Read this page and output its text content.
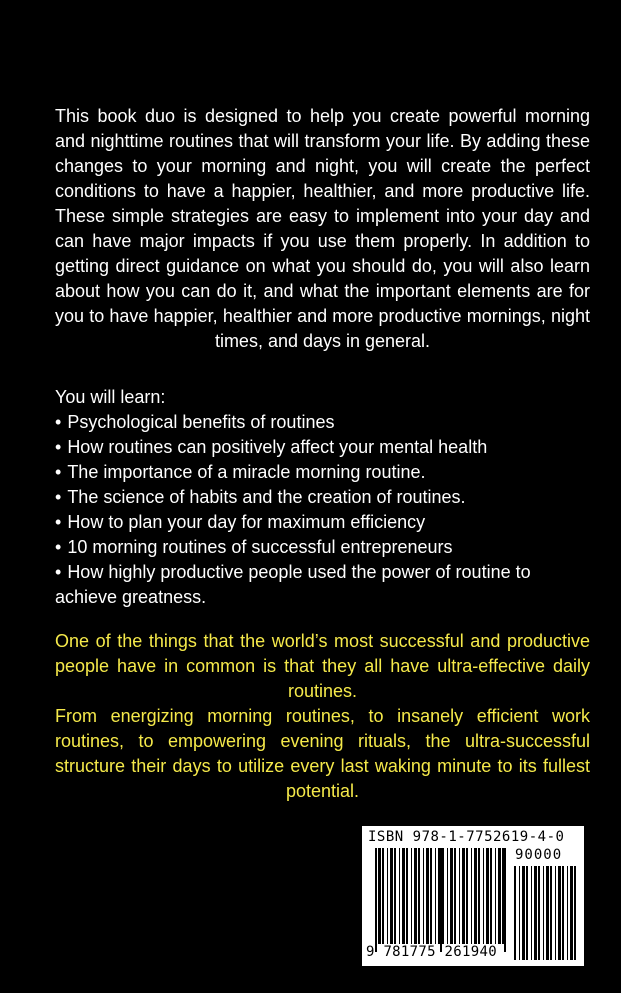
This book duo is designed to help you create powerful morning and nighttime routines that will transform your life. By adding these changes to your morning and night, you will create the perfect conditions to have a happier, healthier, and more productive life. These simple strategies are easy to implement into your day and can have major impacts if you use them properly. In addition to getting direct guidance on what you should do, you will also learn about how you can do it, and what the important elements are for you to have happier, healthier and more productive mornings, night times, and days in general.

You will learn:

• Psychological benefits of routines
• How routines can positively affect your mental health
• The importance of a miracle morning routine.
• The science of habits and the creation of routines.
• How to plan your day for maximum efficiency
• 10 morning routines of successful entrepreneurs
• How highly productive people used the power of routine to achieve greatness.

One of the things that the world’s most successful and productive people have in common is that they all have ultra-effective daily routines.

From energizing morning routines, to insanely efficient work routines, to empowering evening rituals, the ultra-successful structure their days to utilize every last waking minute to its fullest potential.

ISBN 978-1-7752619-4-0
90000
9 781775 261940
